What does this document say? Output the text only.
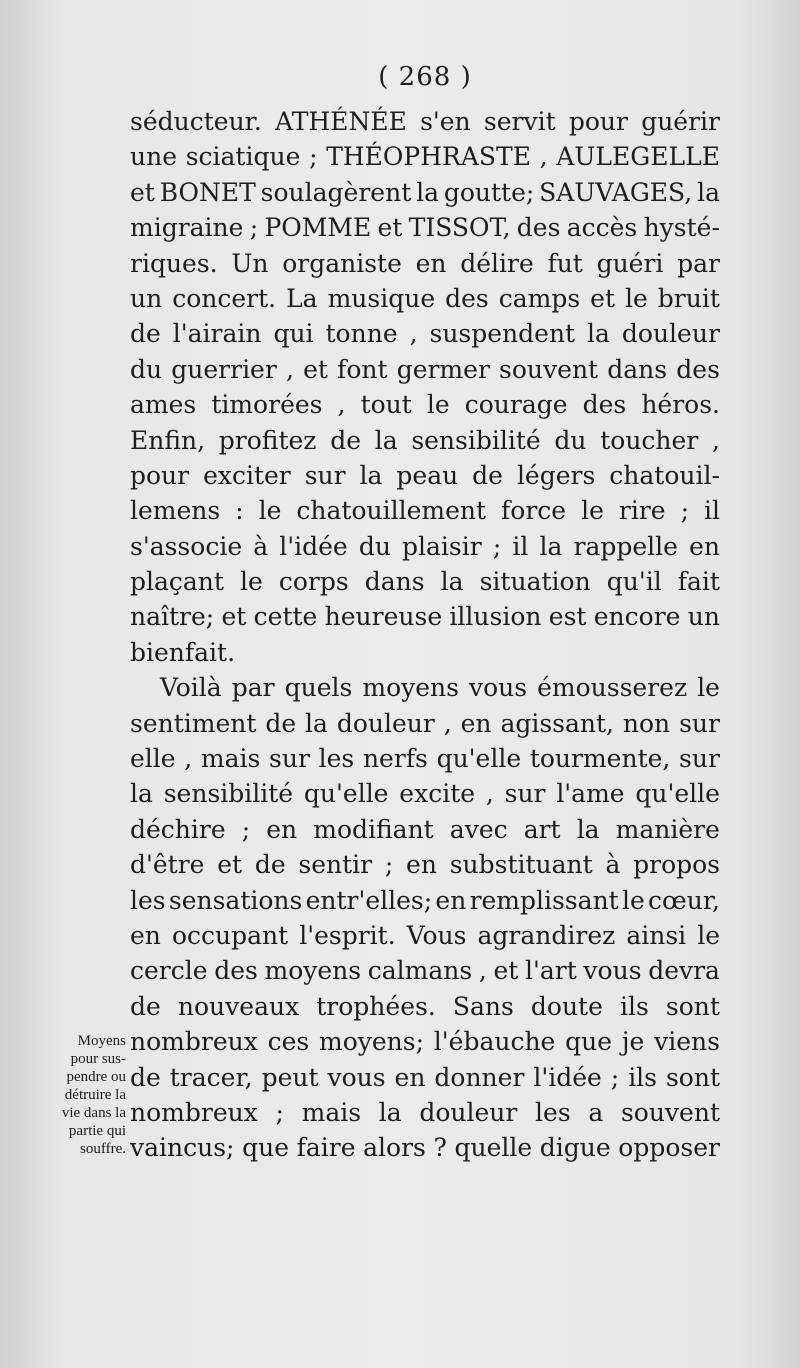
( 268 )
séducteur. ATHÉNÉE s'en servit pour guérir
une sciatique ; THÉOPHRASTE , AULEGELLE
et BONET soulagèrent la goutte; SAUVAGES, la
migraine ; POMME et TISSOT, des accès hysté-
riques. Un organiste en délire fut guéri par
un concert. La musique des camps et le bruit
de l'airain qui tonne , suspendent la douleur
du guerrier , et font germer souvent dans des
ames timorées , tout le courage des héros.
Enfin, profitez de la sensibilité du toucher ,
pour exciter sur la peau de légers chatouil-
lemens : le chatouillement force le rire ; il
s'associe à l'idée du plaisir ; il la rappelle en
plaçant le corps dans la situation qu'il fait
naître; et cette heureuse illusion est encore un
bienfait.
Voilà par quels moyens vous émousserez le
sentiment de la douleur , en agissant, non sur
elle , mais sur les nerfs qu'elle tourmente, sur
la sensibilité qu'elle excite , sur l'ame qu'elle
déchire ; en modifiant avec art la manière
d'être et de sentir ; en substituant à propos
les sensations entr'elles; en remplissant le cœur,
en occupant l'esprit. Vous agrandirez ainsi le
cercle des moyens calmans , et l'art vous devra
de nouveaux trophées. Sans doute ils sont
nombreux ces moyens; l'ébauche que je viens
de tracer, peut vous en donner l'idée ; ils sont
nombreux ; mais la douleur les a souvent
vaincus; que faire alors ? quelle digue opposer
Moyens
pour sus-
pendre ou
détruire la
vie dans la
partie qui
souffre.
